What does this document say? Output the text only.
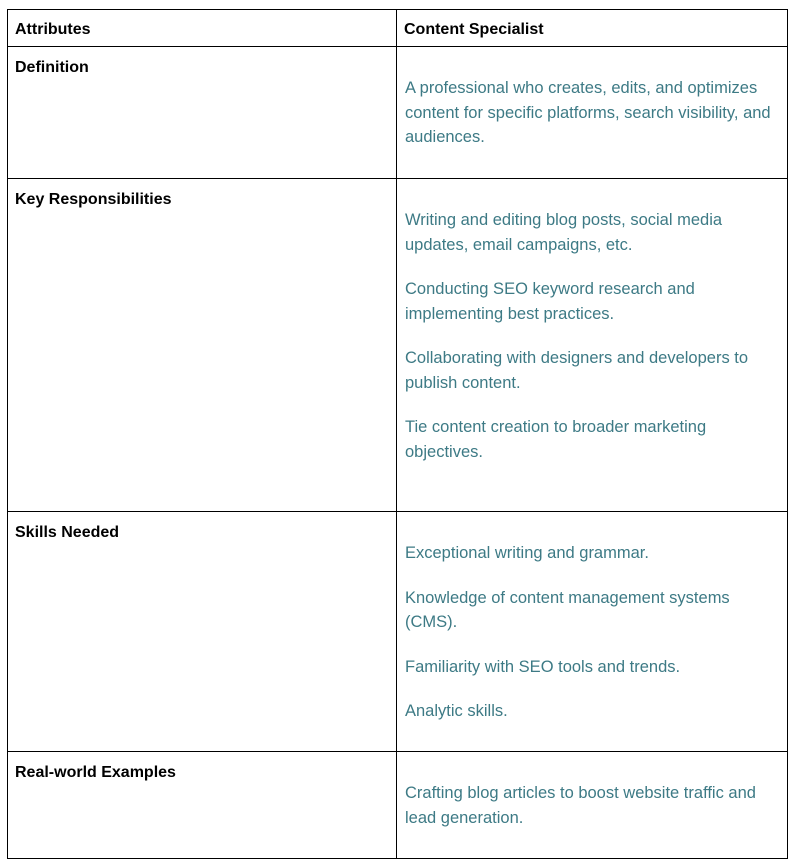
Attributes	Content Specialist

Definition	A professional who creates, edits, and optimizes content for specific platforms, search visibility, and audiences.

Key Responsibilities	Writing and editing blog posts, social media updates, email campaigns, etc.

Conducting SEO keyword research and implementing best practices.

Collaborating with designers and developers to publish content.

Tie content creation to broader marketing objectives.

Skills Needed	Exceptional writing and grammar.

Knowledge of content management systems (CMS).

Familiarity with SEO tools and trends.

Analytic skills.

Real-world Examples	Crafting blog articles to boost website traffic and lead generation.
